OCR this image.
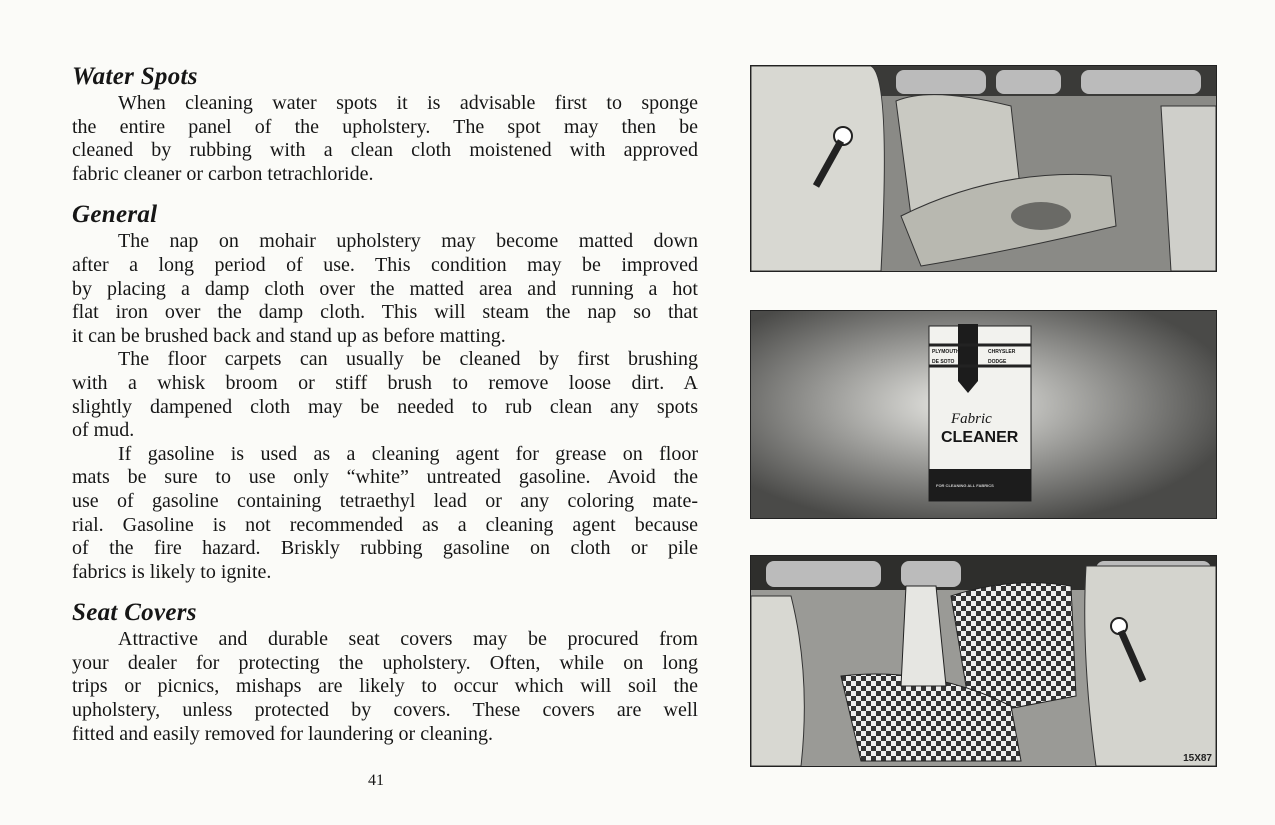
Water Spots
When cleaning water spots it is advisable first to sponge
the entire panel of the upholstery. The spot may then be
cleaned by rubbing with a clean cloth moistened with approved
fabric cleaner or carbon tetrachloride.
General
The nap on mohair upholstery may become matted down
after a long period of use. This condition may be improved
by placing a damp cloth over the matted area and running a hot
flat iron over the damp cloth. This will steam the nap so that
it can be brushed back and stand up as before matting.
The floor carpets can usually be cleaned by first brushing
with a whisk broom or stiff brush to remove loose dirt. A
slightly dampened cloth may be needed to rub clean any spots
of mud.
If gasoline is used as a cleaning agent for grease on floor
mats be sure to use only “white” untreated gasoline. Avoid the
use of gasoline containing tetraethyl lead or any coloring mate-
rial. Gasoline is not recommended as a cleaning agent because
of the fire hazard. Briskly rubbing gasoline on cloth or pile
fabrics is likely to ignite.
Seat Covers
Attractive and durable seat covers may be procured from
your dealer for protecting the upholstery. Often, while on long
trips or picnics, mishaps are likely to occur which will soil the
upholstery, unless protected by covers. These covers are well
fitted and easily removed for laundering or cleaning.
41
PLYMOUTH
DE SOTO
CHRYSLER
DODGE
Fabric
CLEANER
FOR CLEANING ALL FABRICS
15X87
